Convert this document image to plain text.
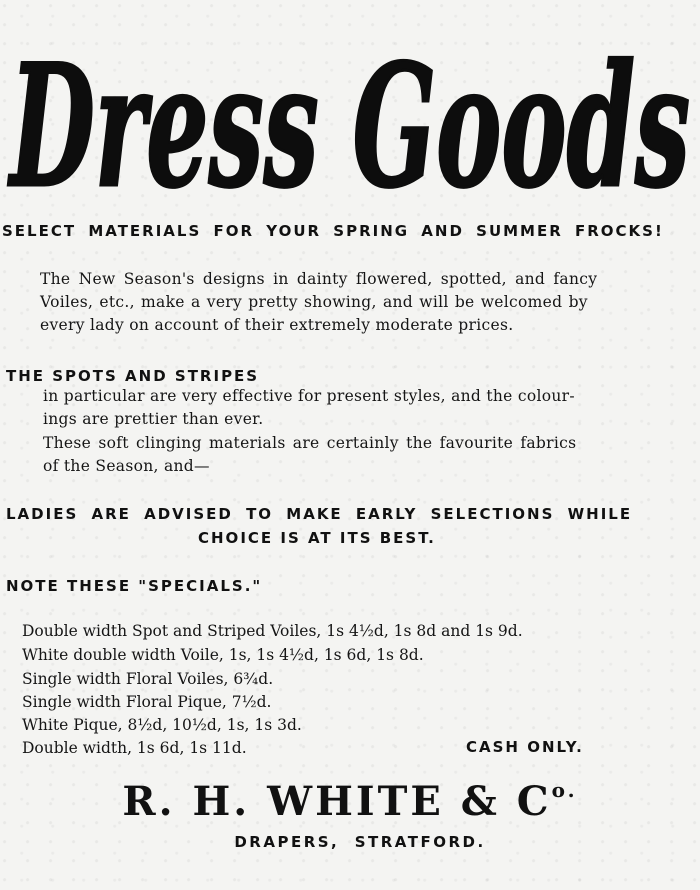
Dress Goods
SELECT MATERIALS FOR YOUR SPRING AND SUMMER FROCKS!
The New Season's designs in dainty flowered, spotted, and fancy
Voiles, etc., make a very pretty showing, and will be welcomed by
every lady on account of their extremely moderate prices.
THE SPOTS AND STRIPES
in particular are very effective for present styles, and the colour-
ings are prettier than ever.
These soft clinging materials are certainly the favourite fabrics
of the Season, and—
LADIES ARE ADVISED TO MAKE EARLY SELECTIONS WHILE
CHOICE IS AT ITS BEST.
NOTE THESE "SPECIALS."
Double width Spot and Striped Voiles, 1s 4½d, 1s 8d and 1s 9d.
White double width Voile, 1s, 1s 4½d, 1s 6d, 1s 8d.
Single width Floral Voiles, 6¾d.
Single width Floral Pique, 7½d.
White Pique, 8½d, 10½d, 1s, 1s 3d.
Double width, 1s 6d, 1s 11d.	CASH ONLY.
R. H. WHITE & $C^{o.}$
DRAPERS,  STRATFORD.
